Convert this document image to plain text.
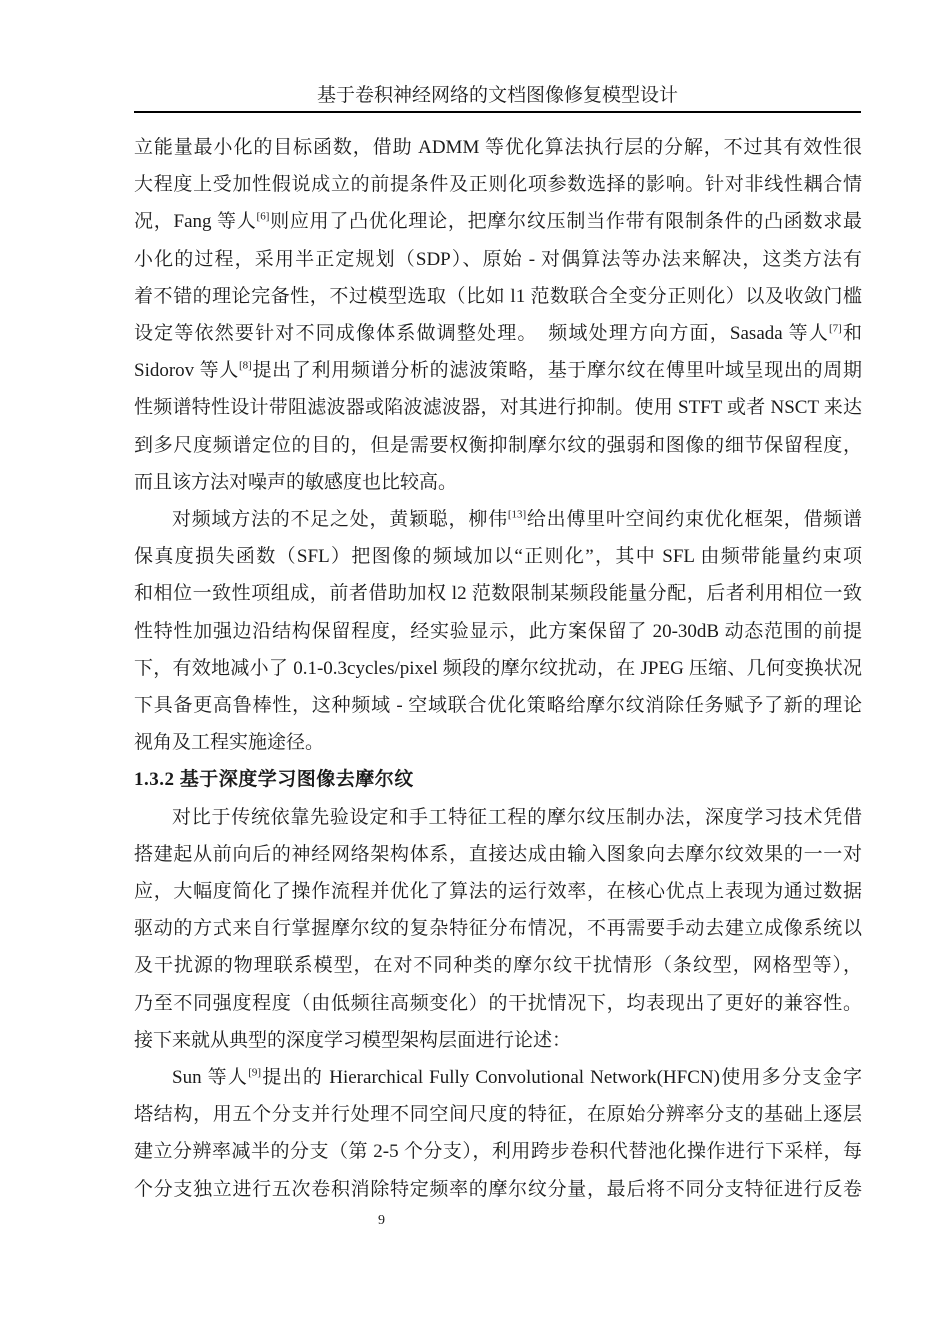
基于卷积神经网络的文档图像修复模型设计
立能量最小化的目标函数，借助 ADMM 等优化算法执行层的分解，不过其有效性很
大程度上受加性假说成立的前提条件及正则化项参数选择的影响。针对非线性耦合情
况，Fang 等人[6]则应用了凸优化理论，把摩尔纹压制当作带有限制条件的凸函数求最
小化的过程，采用半正定规划（SDP）、原始 - 对偶算法等办法来解决，这类方法有
着不错的理论完备性，不过模型选取（比如 l1 范数联合全变分正则化）以及收敛门槛
设定等依然要针对不同成像体系做调整处理。　频域处理方向方面，Sasada 等人[7]和
Sidorov 等人[8]提出了利用频谱分析的滤波策略，基于摩尔纹在傅里叶域呈现出的周期
性频谱特性设计带阻滤波器或陷波滤波器，对其进行抑制。使用 STFT 或者 NSCT 来达
到多尺度频谱定位的目的，但是需要权衡抑制摩尔纹的强弱和图像的细节保留程度，
而且该方法对噪声的敏感度也比较高。
对频域方法的不足之处，黄颖聪，柳伟[13]给出傅里叶空间约束优化框架，借频谱
保真度损失函数（SFL）把图像的频域加以“正则化”，其中 SFL 由频带能量约束项
和相位一致性项组成，前者借助加权 l2 范数限制某频段能量分配，后者利用相位一致
性特性加强边沿结构保留程度，经实验显示，此方案保留了 20-30dB 动态范围的前提
下，有效地减小了 0.1-0.3cycles/pixel 频段的摩尔纹扰动，在 JPEG 压缩、几何变换状况
下具备更高鲁棒性，这种频域 - 空域联合优化策略给摩尔纹消除任务赋予了新的理论
视角及工程实施途径。
1.3.2 基于深度学习图像去摩尔纹
对比于传统依靠先验设定和手工特征工程的摩尔纹压制办法，深度学习技术凭借
搭建起从前向后的神经网络架构体系，直接达成由输入图象向去摩尔纹效果的一一对
应，大幅度简化了操作流程并优化了算法的运行效率，在核心优点上表现为通过数据
驱动的方式来自行掌握摩尔纹的复杂特征分布情况，不再需要手动去建立成像系统以
及干扰源的物理联系模型，在对不同种类的摩尔纹干扰情形（条纹型，网格型等），
乃至不同强度程度（由低频往高频变化）的干扰情况下，均表现出了更好的兼容性。
接下来就从典型的深度学习模型架构层面进行论述：
Sun 等人[9]提出的 Hierarchical Fully Convolutional Network(HFCN)使用多分支金字
塔结构，用五个分支并行处理不同空间尺度的特征，在原始分辨率分支的基础上逐层
建立分辨率减半的分支（第 2-5 个分支），利用跨步卷积代替池化操作进行下采样，每
个分支独立进行五次卷积消除特定频率的摩尔纹分量，最后将不同分支特征进行反卷
9
